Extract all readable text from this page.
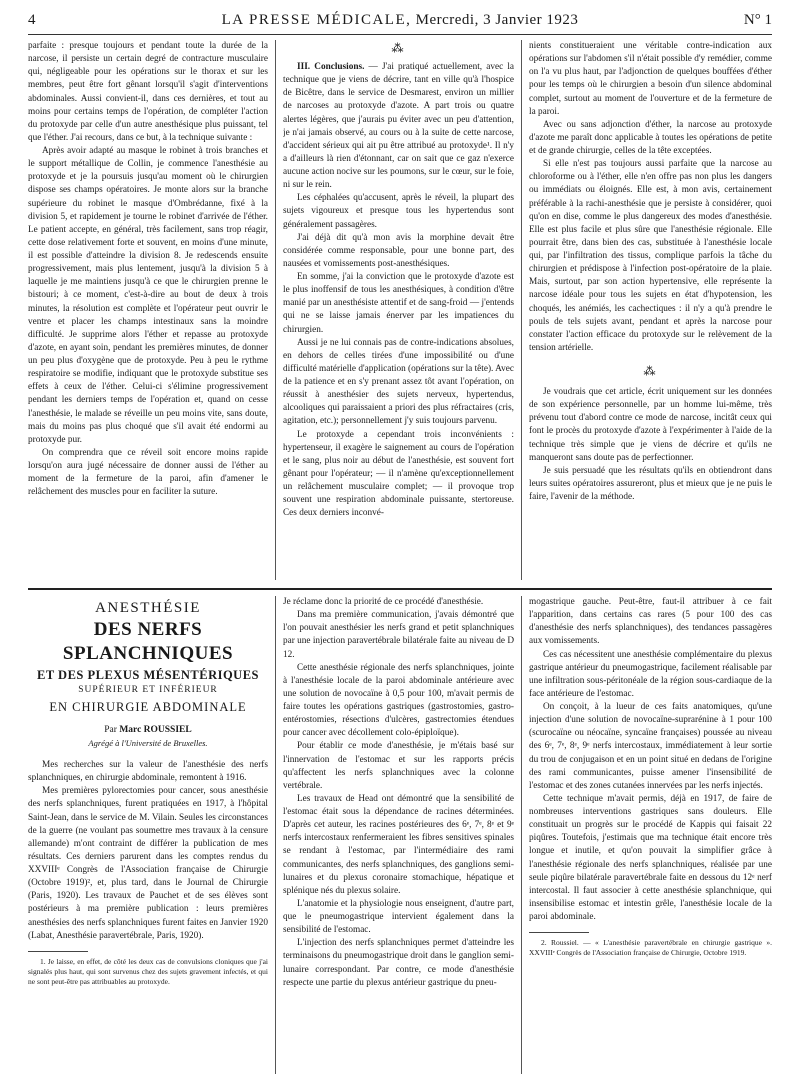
4	LA PRESSE MÉDICALE, Mercredi, 3 Janvier 1923	N° 1

parfaite : presque toujours et pendant toute la durée de la narcose, il persiste un certain degré de contracture musculaire qui, négligeable pour les opérations sur le thorax et sur les membres, peut être fort gênant lorsqu'il s'agit d'interventions abdominales. Aussi convient-il, dans ces dernières, et tout au moins pour certains temps de l'opération, de compléter l'action du protoxyde par celle d'un autre anesthésique plus puissant, tel que l'éther. J'ai recours, dans ce but, à la technique suivante :

Après avoir adapté au masque le robinet à trois branches et le support métallique de Collin, je commence l'anesthésie au protoxyde et je la poursuis jusqu'au moment où le chirurgien dispose ses champs opératoires. Je monte alors sur la branche supérieure du robinet le masque d'Ombrédanne, fixé à la division 5, et rapidement je tourne le robinet d'arrivée de l'éther. Le patient accepte, en général, très facilement, sans trop réagir, cette dose relativement forte et souvent, en moins d'une minute, il est possible d'atteindre la division 8. Je redescends ensuite progressivement, mais plus lentement, jusqu'à la division 5 à laquelle je me maintiens jusqu'à ce que le chirurgien prenne le bistouri; à ce moment, c'est-à-dire au bout de deux à trois minutes, la résolution est complète et l'opérateur peut ouvrir le ventre et placer les champs intestinaux sans la moindre difficulté. Je supprime alors l'éther et repasse au protoxyde d'azote, en ayant soin, pendant les premières minutes, de donner un peu plus d'oxygène que de protoxyde. Peu à peu le rythme respiratoire se modifie, indiquant que le protoxyde substitue ses effets à ceux de l'éther. Celui-ci s'élimine progressivement pendant les derniers temps de l'opération et, quand on cesse l'anesthésie, le malade se réveille un peu moins vite, sans doute, mais du moins pas plus choqué que s'il avait été endormi au protoxyde pur.

On comprendra que ce réveil soit encore moins rapide lorsqu'on aura jugé nécessaire de donner aussi de l'éther au moment de la fermeture de la paroi, afin d'amener le relâchement des muscles pour en faciliter la suture.

⁂

III. Conclusions. — J'ai pratiqué actuellement, avec la technique que je viens de décrire, tant en ville qu'à l'hospice de Bicêtre, dans le service de Desmarest, environ un millier de narcoses au protoxyde d'azote. A part trois ou quatre alertes légères, que j'aurais pu éviter avec un peu d'attention, je n'ai jamais observé, au cours ou à la suite de cette narcose, d'accident sérieux qui ait pu être attribué au protoxyde¹. Il n'y a d'ailleurs là rien d'étonnant, car on sait que ce gaz n'exerce aucune action nocive sur les poumons, sur le cœur, sur le foie, ni sur le rein.

Les céphalées qu'accusent, après le réveil, la plupart des sujets vigoureux et presque tous les hypertendus sont généralement passagères.

J'ai déjà dit qu'à mon avis la morphine devait être considérée comme responsable, pour une bonne part, des nausées et vomissements post-anesthésiques.

En somme, j'ai la conviction que le protoxyde d'azote est le plus inoffensif de tous les anesthésiques, à condition d'être manié par un anesthésiste attentif et de sang-froid — j'entends qui ne se laisse jamais énerver par les impatiences du chirurgien.

Aussi je ne lui connais pas de contre-indications absolues, en dehors de celles tirées d'une impossibilité ou d'une difficulté matérielle d'application (opérations sur la tête). Avec de la patience et en s'y prenant assez tôt avant l'opération, on réussit à anesthésier des sujets nerveux, hypertendus, alcooliques qui paraissaient a priori des plus réfractaires (cris, agitation, etc.); personnellement j'y suis toujours parvenu.

Le protoxyde a cependant trois inconvénients : hypertenseur, il exagère le saignement au cours de l'opération et le sang, plus noir au début de l'anesthésie, est souvent fort gênant pour l'opérateur; — il n'amène qu'exceptionnellement un relâchement musculaire complet; — il provoque trop souvent une respiration abdominale puissante, stertoreuse. Ces deux derniers inconvé-

nients constitueraient une véritable contre-indication aux opérations sur l'abdomen s'il n'était possible d'y remédier, comme on l'a vu plus haut, par l'adjonction de quelques bouffées d'éther pour les temps où le chirurgien a besoin d'un silence abdominal complet, surtout au moment de l'ouverture et de la fermeture de la paroi.

Avec ou sans adjonction d'éther, la narcose au protoxyde d'azote me paraît donc applicable à toutes les opérations de petite et de grande chirurgie, celles de la tête exceptées.

Si elle n'est pas toujours aussi parfaite que la narcose au chloroforme ou à l'éther, elle n'en offre pas non plus les dangers ou immédiats ou éloignés. Elle est, à mon avis, certainement préférable à la rachi-anesthésie que je persiste à considérer, quoi qu'on en dise, comme le plus dangereux des modes d'anesthésie. Elle est plus facile et plus sûre que l'anesthésie régionale. Elle pourrait être, dans bien des cas, substituée à l'anesthésie locale qui, par l'infiltration des tissus, complique parfois la tâche du chirurgien et prédispose à l'infection post-opératoire de la plaie. Mais, surtout, par son action hypertensive, elle représente la narcose idéale pour tous les sujets en état d'hypotension, les choqués, les anémiés, les cachectiques : il n'y a qu'à prendre le pouls de tels sujets avant, pendant et après la narcose pour constater l'action efficace du protoxyde sur le relèvement de la tension artérielle.

⁂

Je voudrais que cet article, écrit uniquement sur les données de son expérience personnelle, par un homme lui-même, très prévenu tout d'abord contre ce mode de narcose, incitât ceux qui font le procès du protoxyde d'azote à l'expérimenter à l'aide de la technique très simple que je viens de décrire et qu'ils ne manqueront sans doute pas de perfectionner.

Je suis persuadé que les résultats qu'ils en obtiendront dans leurs suites opératoires assureront, plus et mieux que je ne puis le faire, l'avenir de la méthode.

ANESTHÉSIE
DES NERFS SPLANCHNIQUES
ET DES PLEXUS MÉSENTÉRIQUES
SUPÉRIEUR ET INFÉRIEUR
EN CHIRURGIE ABDOMINALE
Par Marc ROUSSIEL
Agrégé à l'Université de Bruxelles.

Mes recherches sur la valeur de l'anesthésie des nerfs splanchniques, en chirurgie abdominale, remontent à 1916.

Mes premières pylorectomies pour cancer, sous anesthésie des nerfs splanchniques, furent pratiquées en 1917, à l'hôpital Saint-Jean, dans le service de M. Vilain. Seules les circonstances de la guerre (ne voulant pas soumettre mes travaux à la censure allemande) m'ont contraint de différer la publication de mes résultats. Ces derniers parurent dans les comptes rendus du XXVIIIᵉ Congrès de l'Association française de Chirurgie (Octobre 1919)², et, plus tard, dans le Journal de Chirurgie (Paris, 1920). Les travaux de Pauchet et de ses élèves sont postérieurs à ma première publication : leurs premières anesthésies des nerfs splanchniques furent faites en Janvier 1920 (Labat, Anesthésie paravertébrale, Paris, 1920).

1. Je laisse, en effet, de côté les deux cas de convulsions cloniques que j'ai signalés plus haut, qui sont survenus chez des sujets gravement infectés, et qui ne sont peut-être pas attribuables au protoxyde.

Je réclame donc la priorité de ce procédé d'anesthésie.

Dans ma première communication, j'avais démontré que l'on pouvait anesthésier les nerfs grand et petit splanchniques par une injection paravertébrale bilatérale faite au niveau de D 12.

Cette anesthésie régionale des nerfs splanchniques, jointe à l'anesthésie locale de la paroi abdominale antérieure avec une solution de novocaïne à 0,5 pour 100, m'avait permis de faire toutes les opérations gastriques (gastrostomies, gastro-entérostomies, résections d'ulcères, gastrectomies étendues pour cancer avec décollement colo-épiploïque).

Pour établir ce mode d'anesthésie, je m'étais basé sur l'innervation de l'estomac et sur les rapports précis qu'affectent les nerfs splanchniques avec la colonne vertébrale.

Les travaux de Head ont démontré que la sensibilité de l'estomac était sous la dépendance de racines déterminées. D'après cet auteur, les racines postérieures des 6ᵉ, 7ᵉ, 8ᵉ et 9ᵉ nerfs intercostaux renfermeraient les fibres sensitives spinales se rendant à l'estomac, par l'intermédiaire des rami communicantes, des nerfs splanchniques, des ganglions semi-lunaires et du plexus coronaire stomachique, hépatique et splénique nés du plexus solaire.

L'anatomie et la physiologie nous enseignent, d'autre part, que le pneumogastrique intervient également dans la sensibilité de l'estomac.

L'injection des nerfs splanchniques permet d'atteindre les terminaisons du pneumogastrique droit dans le ganglion semi-lunaire correspondant. Par contre, ce mode d'anesthésie respecte une partie du plexus antérieur gastrique du pneu-

mogastrique gauche. Peut-être, faut-il attribuer à ce fait l'apparition, dans certains cas rares (5 pour 100 des cas d'anesthésie des nerfs splanchniques), des tendances passagères aux vomissements.

Ces cas nécessitent une anesthésie complémentaire du plexus gastrique antérieur du pneumogastrique, facilement réalisable par une infiltration sous-péritonéale de la région sous-cardiaque de la face antérieure de l'estomac.

On conçoit, à la lueur de ces faits anatomiques, qu'une injection d'une solution de novocaïne-suprarénine à 1 pour 100 (scurocaïne ou néocaïne, syncaïne françaises) poussée au niveau des 6ᵉ, 7ᵉ, 8ᵉ, 9ᵉ nerfs intercostaux, immédiatement à leur sortie du trou de conjugaison et en un point situé en dedans de l'origine des rami communicantes, puisse amener l'insensibilité de l'estomac et des zones cutanées innervées par les nerfs injectés.

Cette technique m'avait permis, déjà en 1917, de faire de nombreuses interventions gastriques sans douleurs. Elle constituait un progrès sur le procédé de Kappis qui faisait 22 piqûres. Toutefois, j'estimais que ma technique était encore très longue et inutile, et qu'on pouvait la simplifier grâce à l'anesthésie régionale des nerfs splanchniques, réalisée par une seule piqûre bilatérale paravertébrale faite en dessous du 12ᵉ nerf intercostal. Il faut associer à cette anesthésie splanchnique, qui insensibilise estomac et intestin grêle, l'anesthésie locale de la paroi abdominale.

2. Roussiel. — « L'anesthésie paravertébrale en chirurgie gastrique ». XXVIIIᵉ Congrès de l'Association française de Chirurgie, Octobre 1919.
